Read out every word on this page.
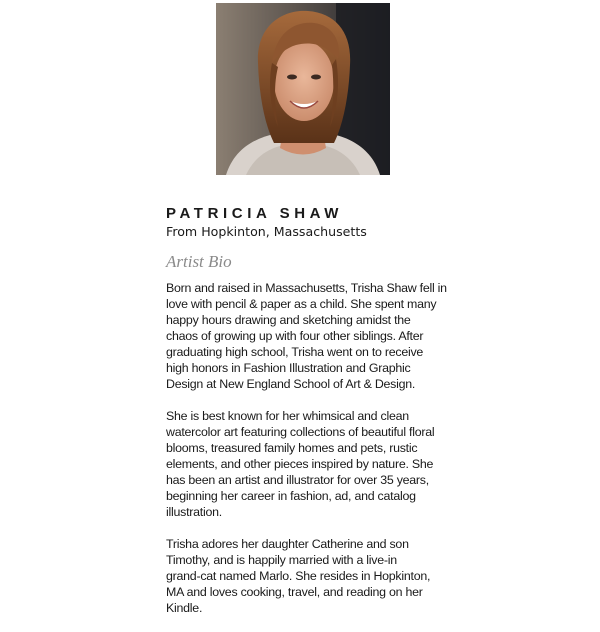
PATRICIA SHAW
From Hopkinton, Massachusetts
Artist Bio

Born and raised in Massachusetts, Trisha Shaw fell in
love with pencil & paper as a child. She spent many
happy hours drawing and sketching amidst the
chaos of growing up with four other siblings. After
graduating high school, Trisha went on to receive
high honors in Fashion Illustration and Graphic
Design at New England School of Art & Design.

She is best known for her whimsical and clean
watercolor art featuring collections of beautiful floral
blooms, treasured family homes and pets, rustic
elements, and other pieces inspired by nature. She
has been an artist and illustrator for over 35 years,
beginning her career in fashion, ad, and catalog
illustration.

Trisha adores her daughter Catherine and son
Timothy, and is happily married with a live-in
grand-cat named Marlo. She resides in Hopkinton,
MA and loves cooking, travel, and reading on her
Kindle.
